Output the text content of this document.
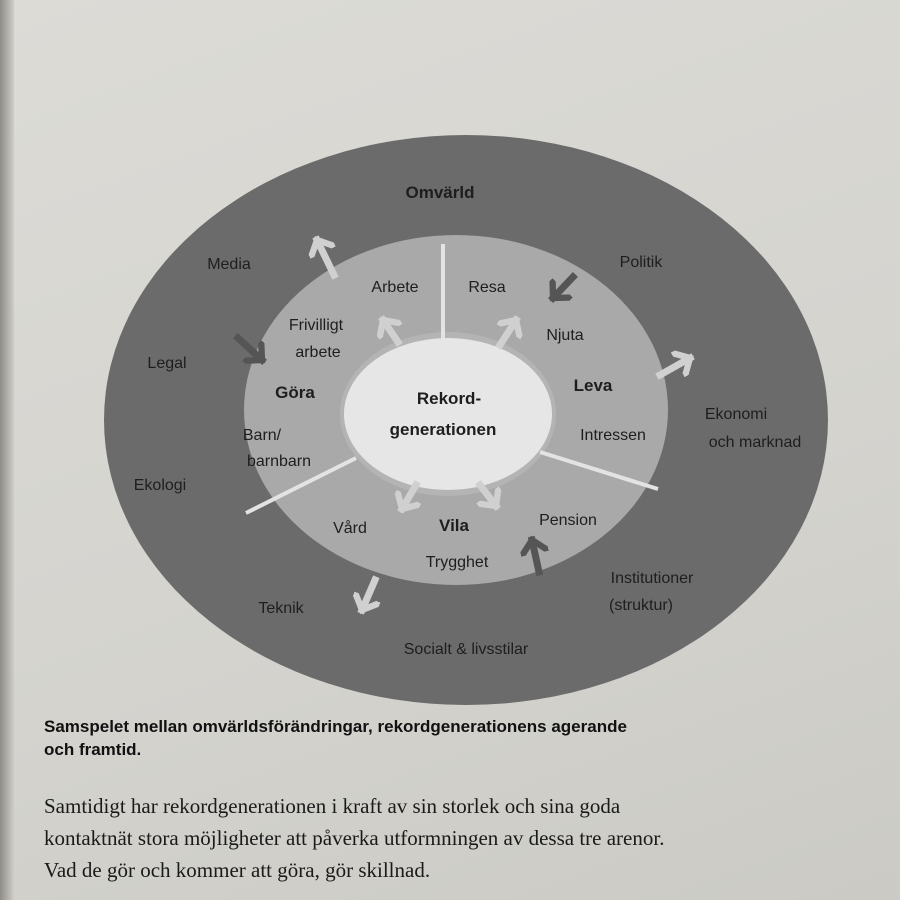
Omvärld
Media	Politik
Legal
Ekonomi
och marknad
Ekologi
Institutioner
(struktur)
Teknik
Socialt & livsstilar
Göra
Arbete
Frivilligt
arbete
Barn/
barnbarn
Leva
Resa
Njuta
Intressen
Vila
Vård
Trygghet
Pension
Rekord-
generationen
Samspelet mellan omvärldsförändringar, rekordgenerationens agerande
och framtid.
Samtidigt har rekordgenerationen i kraft av sin storlek och sina goda
kontaktnät stora möjligheter att påverka utformningen av dessa tre arenor.
Vad de gör och kommer att göra, gör skillnad.
